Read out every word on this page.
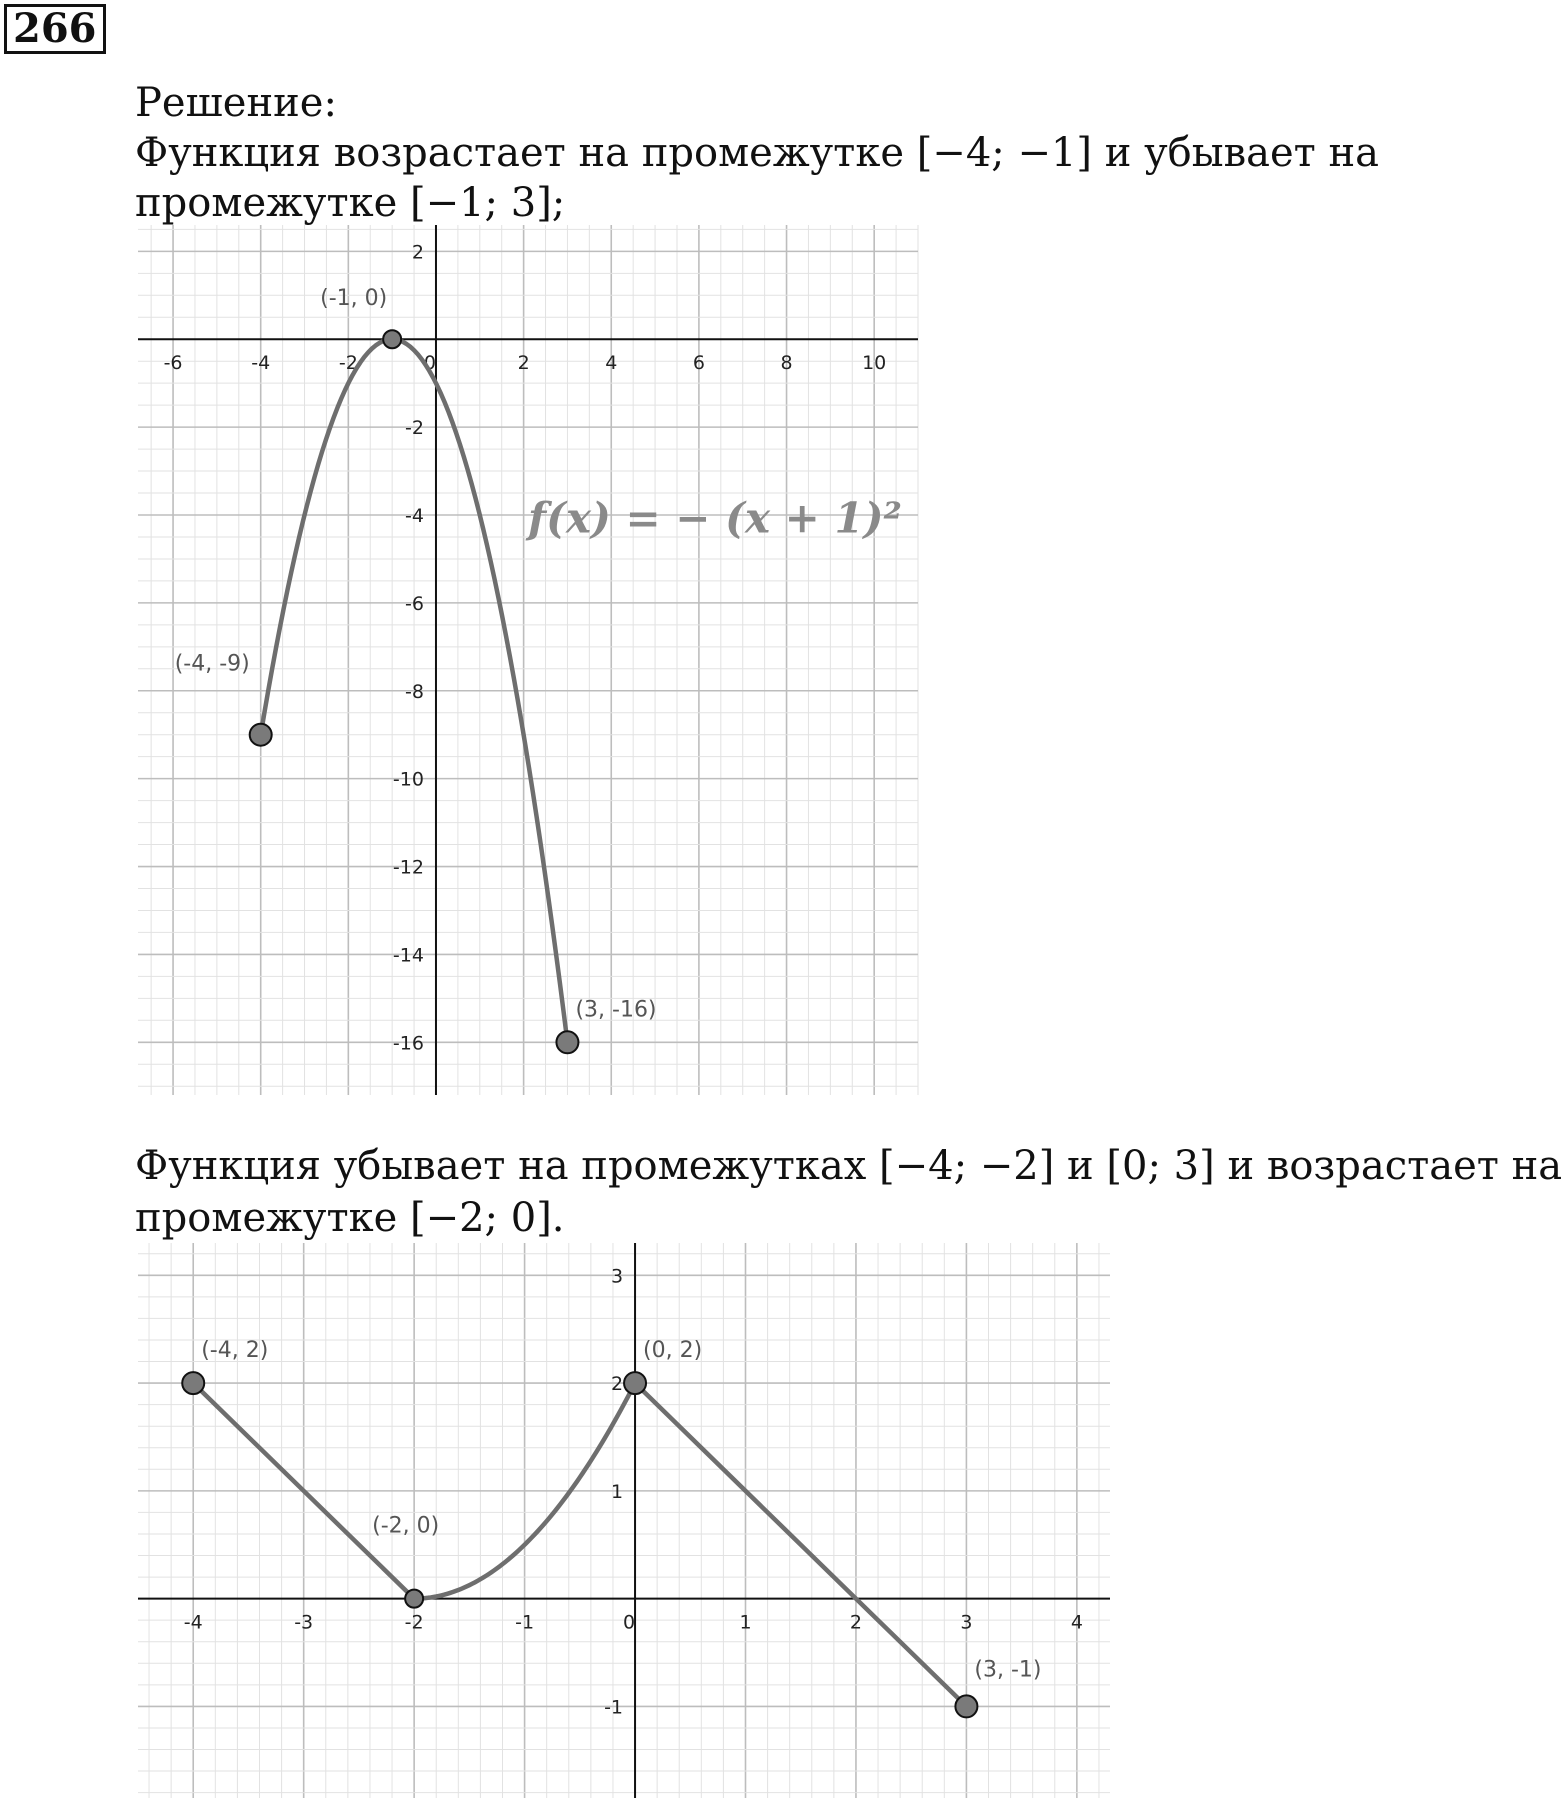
266
Решение:
Функция возрастает на промежутке [−4; −1] и убывает на
промежутке [−1; 3];
-6	-4	-2	0	2	4	6	8	10
2
-2
-4
-6
-8
-10
-12
-14
-16
(-1, 0)
(-4, -9)
(3, -16)
f(x) = − (x + 1)²
Функция убывает на промежутках [−4; −2] и [0; 3] и возрастает на
промежутке [−2; 0].
-4	-3	-2	-1	0	1	2	3	4
3
2
1
-1
(-4, 2)
(-2, 0)
(0, 2)
(3, -1)
